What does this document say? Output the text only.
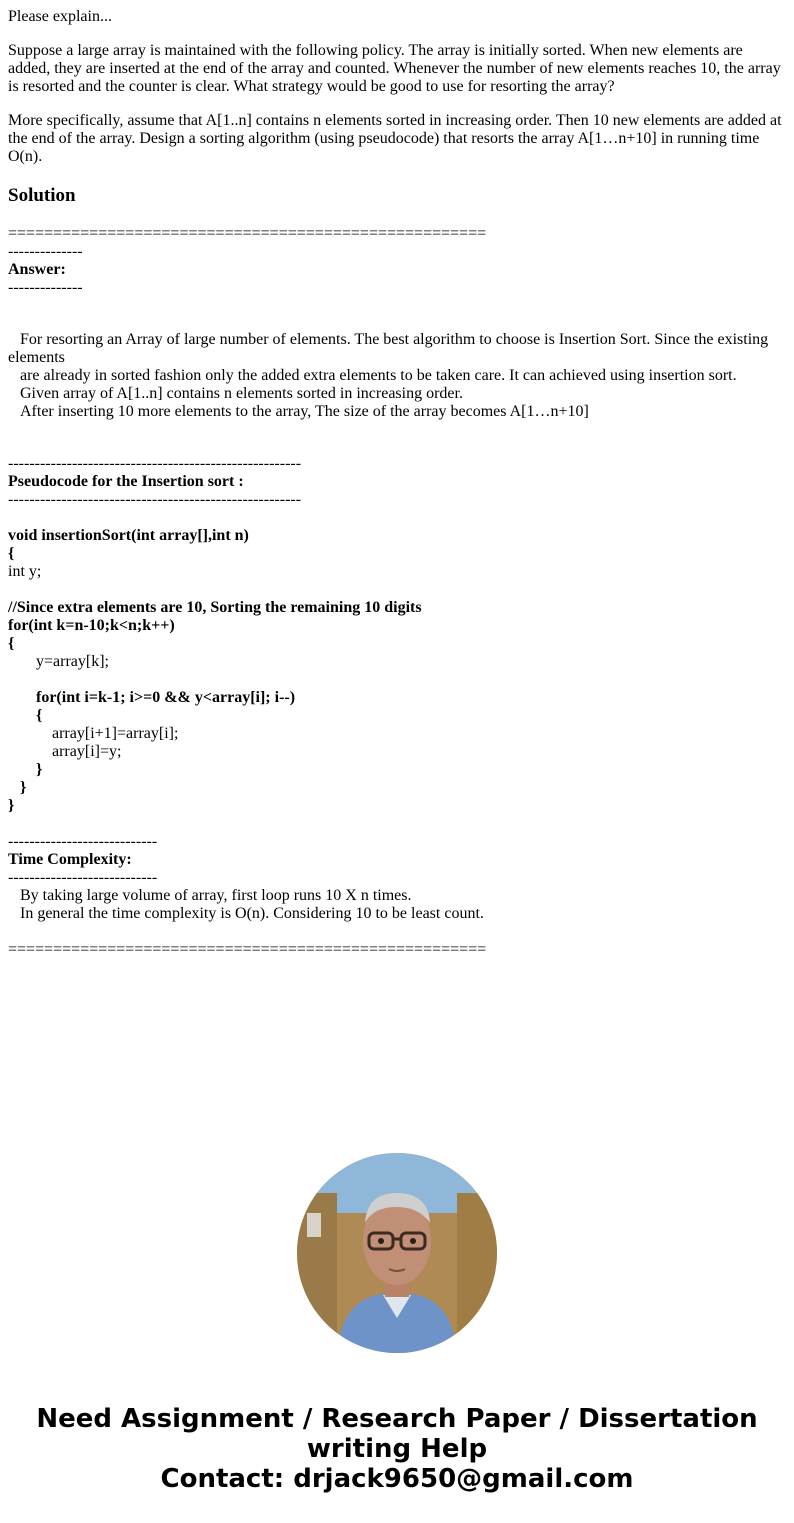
Please explain...

Suppose a large array is maintained with the following policy. The array is initially sorted. When new elements are added, they are inserted at the end of the array and counted. Whenever the number of new elements reaches 10, the array is resorted and the counter is clear. What strategy would be good to use for resorting the array?

More specifically, assume that A[1..n] contains n elements sorted in increasing order. Then 10 new elements are added at the end of the array. Design a sorting algorithm (using pseudocode) that resorts the array A[1…n+10] in running time O(n).

Solution
=====================================================
--------------
Answer:
--------------
For resorting an Array of large number of elements. The best algorithm to choose is Insertion Sort. Since the existing elements
are already in sorted fashion only the added extra elements to be taken care. It can achieved using insertion sort.
Given array of A[1..n] contains n elements sorted in increasing order.
After inserting 10 more elements to the array, The size of the array becomes A[1…n+10]
-------------------------------------------------------
Pseudocode for the Insertion sort :
-------------------------------------------------------
void insertionSort(int array[],int n)
{
int y;
//Since extra elements are 10, Sorting the remaining 10 digits
for(int k=n-10;k<n;k++)
{
y=array[k];
for(int i=k-1; i>=0 && y<array[i]; i--)
{
array[i+1]=array[i];
array[i]=y;
}
}
}
----------------------------
Time Complexity:
----------------------------
By taking large volume of array, first loop runs 10 X n times.
In general the time complexity is O(n). Considering 10 to be least count.
=====================================================
Need Assignment / Research Paper / Dissertation
writing Help
Contact: drjack9650@gmail.com
